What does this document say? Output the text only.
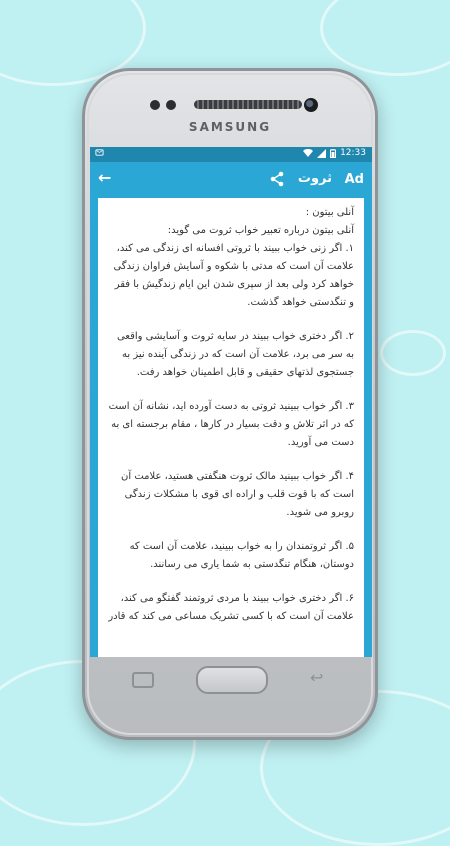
SAMSUNG
12:33
Ad
ثروت
←
آنلی بیتون :
آنلی بیتون درباره تعبیر خواب ثروت می گوید:
۱. اگر زنی خواب ببیند با ثروتی افسانه ای زندگی می کند، علامت آن است که مدتی با شکوه و آسایش فراوان زندگی خواهد کرد ولی بعد از سپری شدن این ایام زندگیش با فقر و تنگدستی خواهد گذشت.
۲. اگر دختری خواب ببیند در سایه ثروت و آسایشی واقعی به سر می برد، علامت آن است که در زندگی آینده نیز به جستجوی لذتهای حقیقی و قابل اطمینان خواهد رفت.
۳. اگر خواب ببینید ثروتی به دست آورده اید، نشانه آن است که در اثر تلاش و دقت بسیار در کارها ، مقام برجسته ای به دست می آورید.
۴. اگر خواب ببینید مالک ثروت هنگفتی هستید، علامت آن است که با قوت قلب و اراده ای قوی با مشکلات زندگی روبرو می شوید.
۵. اگر ثروتمندان را به خواب ببینید، علامت آن است که دوستان، هنگام تنگدستی به شما یاری می رسانند.
۶. اگر دختری خواب ببیند با مردی ثروتمند گفتگو می کند، علامت آن است که با کسی تشریک مساعی می کند که قادر
↩
